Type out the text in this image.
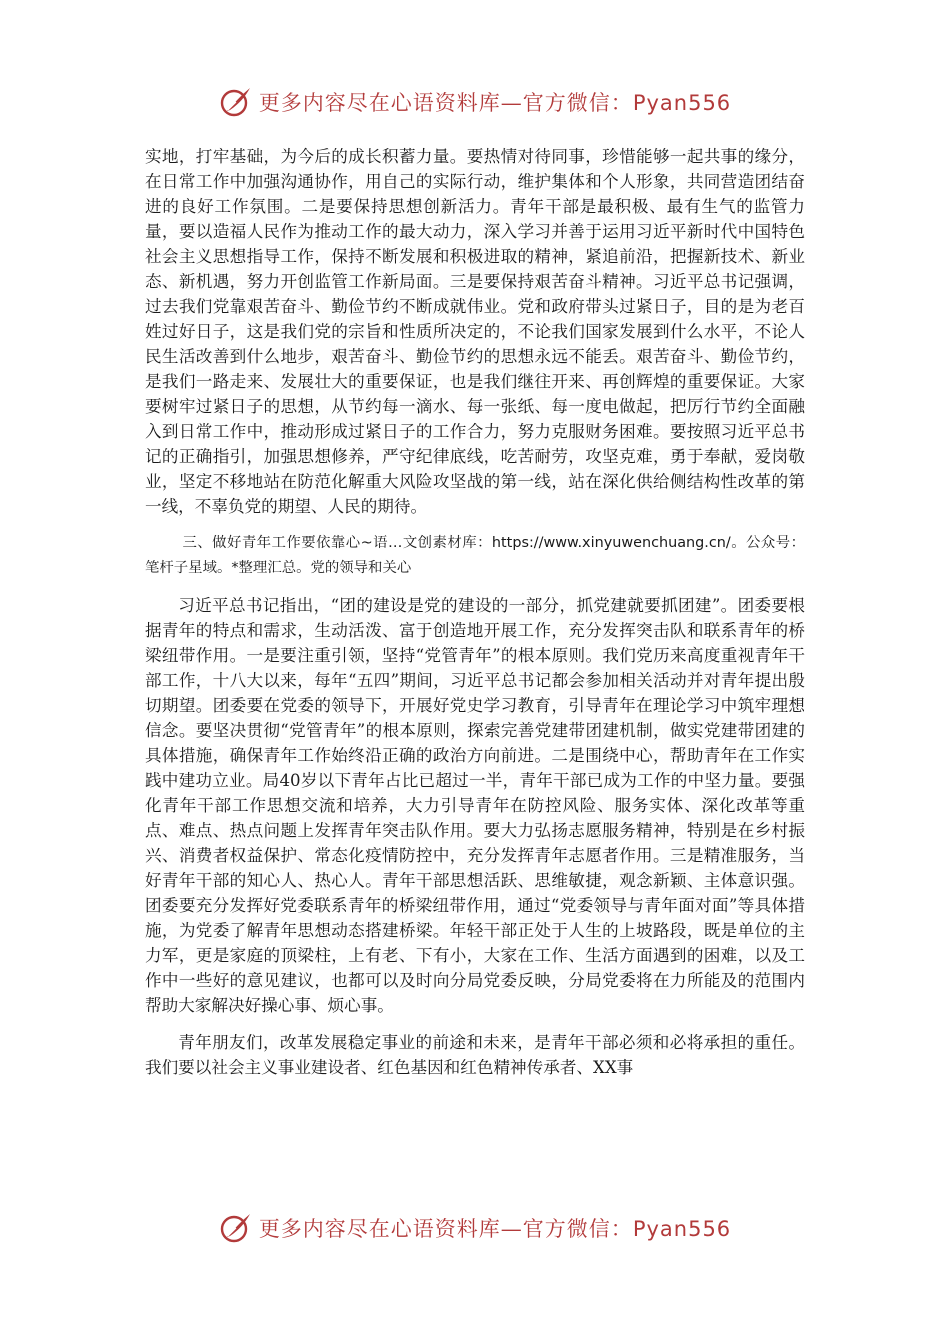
更多内容尽在心语资料库—官方微信：Pyan556

实地，打牢基础，为今后的成长积蓄力量。要热情对待同事，珍惜能够一起共事的缘分，在日常工作中加强沟通协作，用自己的实际行动，维护集体和个人形象，共同营造团结奋进的良好工作氛围。二是要保持思想创新活力。青年干部是最积极、最有生气的监管力量，要以造福人民作为推动工作的最大动力，深入学习并善于运用习近平新时代中国特色社会主义思想指导工作，保持不断发展和积极进取的精神，紧追前沿，把握新技术、新业态、新机遇，努力开创监管工作新局面。三是要保持艰苦奋斗精神。习近平总书记强调，过去我们党靠艰苦奋斗、勤俭节约不断成就伟业。党和政府带头过紧日子，目的是为老百姓过好日子，这是我们党的宗旨和性质所决定的，不论我们国家发展到什么水平，不论人民生活改善到什么地步，艰苦奋斗、勤俭节约的思想永远不能丢。艰苦奋斗、勤俭节约，是我们一路走来、发展壮大的重要保证，也是我们继往开来、再创辉煌的重要保证。大家要树牢过紧日子的思想，从节约每一滴水、每一张纸、每一度电做起，把厉行节约全面融入到日常工作中，推动形成过紧日子的工作合力，努力克服财务困难。要按照习近平总书记的正确指引，加强思想修养，严守纪律底线，吃苦耐劳，攻坚克难，勇于奉献，爱岗敬业，坚定不移地站在防范化解重大风险攻坚战的第一线，站在深化供给侧结构性改革的第一线，不辜负党的期望、人民的期待。

三、做好青年工作要依靠心~语…文创素材库：https://www.xinyuwenchuang.cn/。公众号：笔杆子星域。*整理汇总。党的领导和关心

习近平总书记指出，“团的建设是党的建设的一部分，抓党建就要抓团建”。团委要根据青年的特点和需求，生动活泼、富于创造地开展工作，充分发挥突击队和联系青年的桥梁纽带作用。一是要注重引领，坚持“党管青年”的根本原则。我们党历来高度重视青年干部工作，十八大以来，每年“五四”期间，习近平总书记都会参加相关活动并对青年提出殷切期望。团委要在党委的领导下，开展好党史学习教育，引导青年在理论学习中筑牢理想信念。要坚决贯彻“党管青年”的根本原则，探索完善党建带团建机制，做实党建带团建的具体措施，确保青年工作始终沿正确的政治方向前进。二是围绕中心，帮助青年在工作实践中建功立业。局40岁以下青年占比已超过一半，青年干部已成为工作的中坚力量。要强化青年干部工作思想交流和培养，大力引导青年在防控风险、服务实体、深化改革等重点、难点、热点问题上发挥青年突击队作用。要大力弘扬志愿服务精神，特别是在乡村振兴、消费者权益保护、常态化疫情防控中，充分发挥青年志愿者作用。三是精准服务，当好青年干部的知心人、热心人。青年干部思想活跃、思维敏捷，观念新颖、主体意识强。团委要充分发挥好党委联系青年的桥梁纽带作用，通过“党委领导与青年面对面”等具体措施，为党委了解青年思想动态搭建桥梁。年轻干部正处于人生的上坡路段，既是单位的主力军，更是家庭的顶梁柱，上有老、下有小，大家在工作、生活方面遇到的困难，以及工作中一些好的意见建议，也都可以及时向分局党委反映，分局党委将在力所能及的范围内帮助大家解决好操心事、烦心事。

青年朋友们，改革发展稳定事业的前途和未来，是青年干部必须和必将承担的重任。我们要以社会主义事业建设者、红色基因和红色精神传承者、XX事

更多内容尽在心语资料库—官方微信：Pyan556
